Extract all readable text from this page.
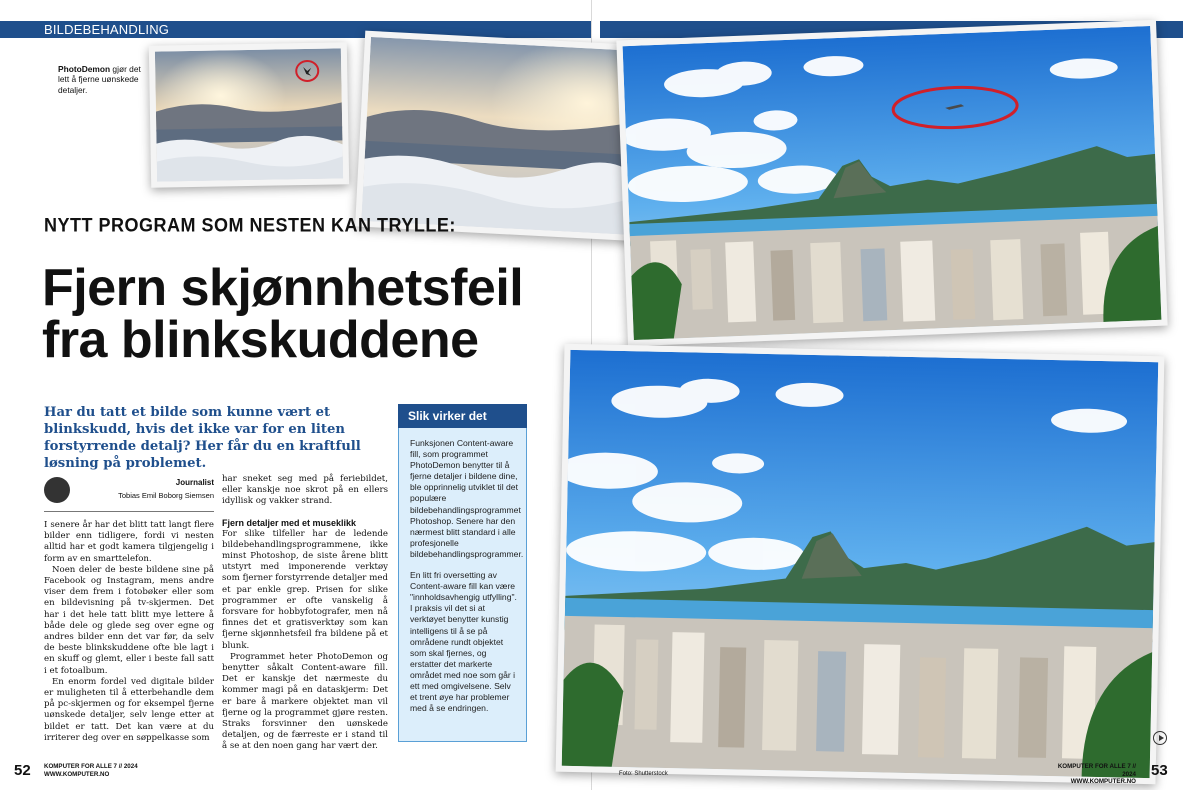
BILDEBEHANDLING
PhotoDemon gjør det lett å fjerne uønskede detaljer.
NYTT PROGRAM SOM NESTEN KAN TRYLLE:
Fjern skjønnhetsfeil
fra blinkskuddene
Har du tatt et bilde som kunne vært et blinkskudd, hvis det ikke var for en liten forstyrrende detalj? Her får du en kraftfull løsning på problemet.
Journalist
Tobias Emil Boborg Siemsen

I senere år har det blitt tatt langt flere bilder enn tidligere, fordi vi nesten alltid har et godt kamera tilgjengelig i form av en smarttelefon.

Noen deler de beste bildene sine på Facebook og Instagram, mens andre viser dem frem i fotobøker eller som en bildevisning på tv-skjermen. Det har i det hele tatt blitt mye lettere å både dele og glede seg over egne og andres bilder enn det var før, da selv de beste blinkskuddene ofte ble lagt i en skuff og glemt, eller i beste fall satt i et fotoalbum.

En enorm fordel ved digitale bilder er muligheten til å etterbehandle dem på pc-skjermen og for eksempel fjerne uønskede detaljer, selv lenge etter at bildet er tatt. Det kan være at du irriterer deg over en søppelkasse som

har sneket seg med på feriebildet, eller kanskje noe skrot på en ellers idyllisk og vakker strand.

Fjern detaljer med et museklikk

For slike tilfeller har de ledende bildebehandlingsprogrammene, ikke minst Photoshop, de siste årene blitt utstyrt med imponerende verktøy som fjerner forstyrrende detaljer med et par enkle grep. Prisen for slike programmer er ofte vanskelig å forsvare for hobbyfotografer, men nå finnes det et gratisverktøy som kan fjerne skjønnhetsfeil fra bildene på et blunk.

Programmet heter PhotoDemon og benytter såkalt Content-aware fill. Det er kanskje det nærmeste du kommer magi på en dataskjerm: Det er bare å markere objektet man vil fjerne og la programmet gjøre resten. Straks forsvinner den uønskede detaljen, og de færreste er i stand til å se at den noen gang har vært der.

Slik virker det

Funksjonen Content-aware fill, som programmet PhotoDemon benytter til å fjerne detaljer i bildene dine, ble opprinnelig utviklet til det populære bildebehandlingsprogrammet Photoshop. Senere har den nærmest blitt standard i alle profesjonelle bildebehandlingsprogrammer.

En litt fri oversetting av Content-aware fill kan være "innholdsavhengig utfylling". I praksis vil det si at verktøyet benytter kunstig intelligens til å se på områdene rundt objektet som skal fjernes, og erstatter det markerte området med noe som går i ett med omgivelsene. Selv et trent øye har problemer med å se endringen.

52 KOMPUTER FOR ALLE 7 // 2024
WWW.KOMPUTER.NO	Foto: Shutterstock
KOMPUTER FOR ALLE 7 // 2024
WWW.KOMPUTER.NO
53
